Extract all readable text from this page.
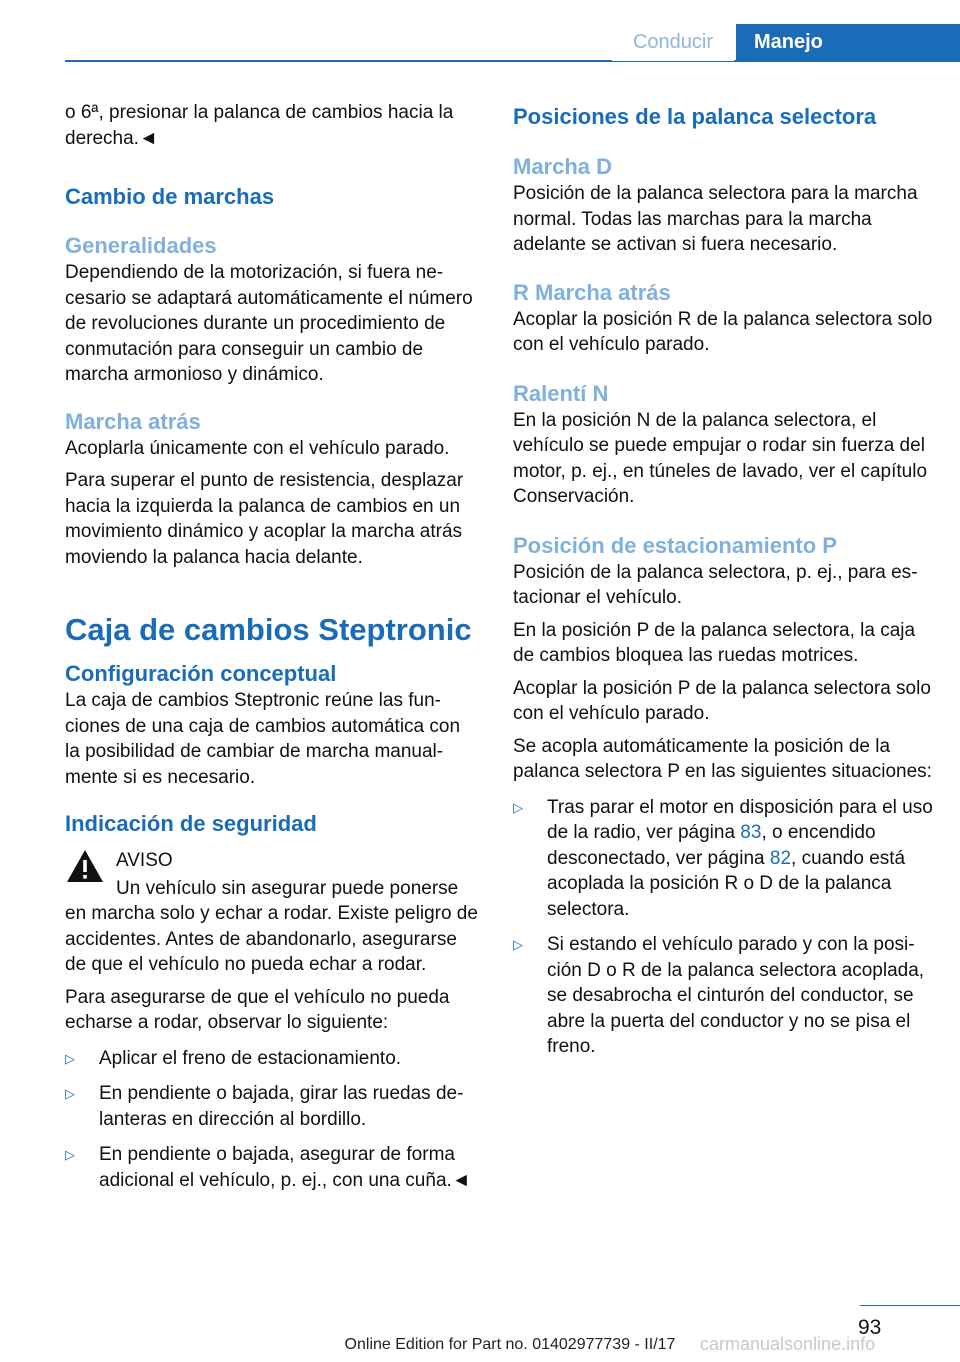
Conducir	Manejo

o 6ª, presionar la palanca de cambios hacia la derecha.◄

Cambio de marchas
Generalidades

Dependiendo de la motorización, si fuera necesario se adaptará automáticamente el número de revoluciones durante un procedimiento de conmutación para conseguir un cambio de marcha armonioso y dinámico.

Marcha atrás

Acoplarla únicamente con el vehículo parado.

Para superar el punto de resistencia, desplazar hacia la izquierda la palanca de cambios en un movimiento dinámico y acoplar la marcha atrás moviendo la palanca hacia delante.

Caja de cambios Steptronic
Configuración conceptual

La caja de cambios Steptronic reúne las funciones de una caja de cambios automática con la posibilidad de cambiar de marcha manualmente si es necesario.

Indicación de seguridad

AVISO

Un vehículo sin asegurar puede ponerse en marcha solo y echar a rodar. Existe peligro de accidentes. Antes de abandonarlo, asegurarse de que el vehículo no pueda echar a rodar.

Para asegurarse de que el vehículo no pueda echarse a rodar, observar lo siguiente:

▷	Aplicar el freno de estacionamiento.

▷	En pendiente o bajada, girar las ruedas delanteras en dirección al bordillo.

▷	En pendiente o bajada, asegurar de forma adicional el vehículo, p. ej., con una cuña.◄

Posiciones de la palanca selectora
Marcha D

Posición de la palanca selectora para la marcha normal. Todas las marchas para la marcha adelante se activan si fuera necesario.

R Marcha atrás

Acoplar la posición R de la palanca selectora solo con el vehículo parado.

Ralentí N

En la posición N de la palanca selectora, el vehículo se puede empujar o rodar sin fuerza del motor, p. ej., en túneles de lavado, ver el capítulo Conservación.

Posición de estacionamiento P

Posición de la palanca selectora, p. ej., para estacionar el vehículo.

En la posición P de la palanca selectora, la caja de cambios bloquea las ruedas motrices.

Acoplar la posición P de la palanca selectora solo con el vehículo parado.

Se acopla automáticamente la posición de la palanca selectora P en las siguientes situaciones:

▷	Tras parar el motor en disposición para el uso de la radio, ver página 83, o encendido desconectado, ver página 82, cuando está acoplada la posición R o D de la palanca selectora.

▷	Si estando el vehículo parado y con la posición D o R de la palanca selectora acoplada, se desabrocha el cinturón del conductor, se abre la puerta del conductor y no se pisa el freno.

93
Online Edition for Part no. 01402977739 - II/17	carmanualsonline.info
